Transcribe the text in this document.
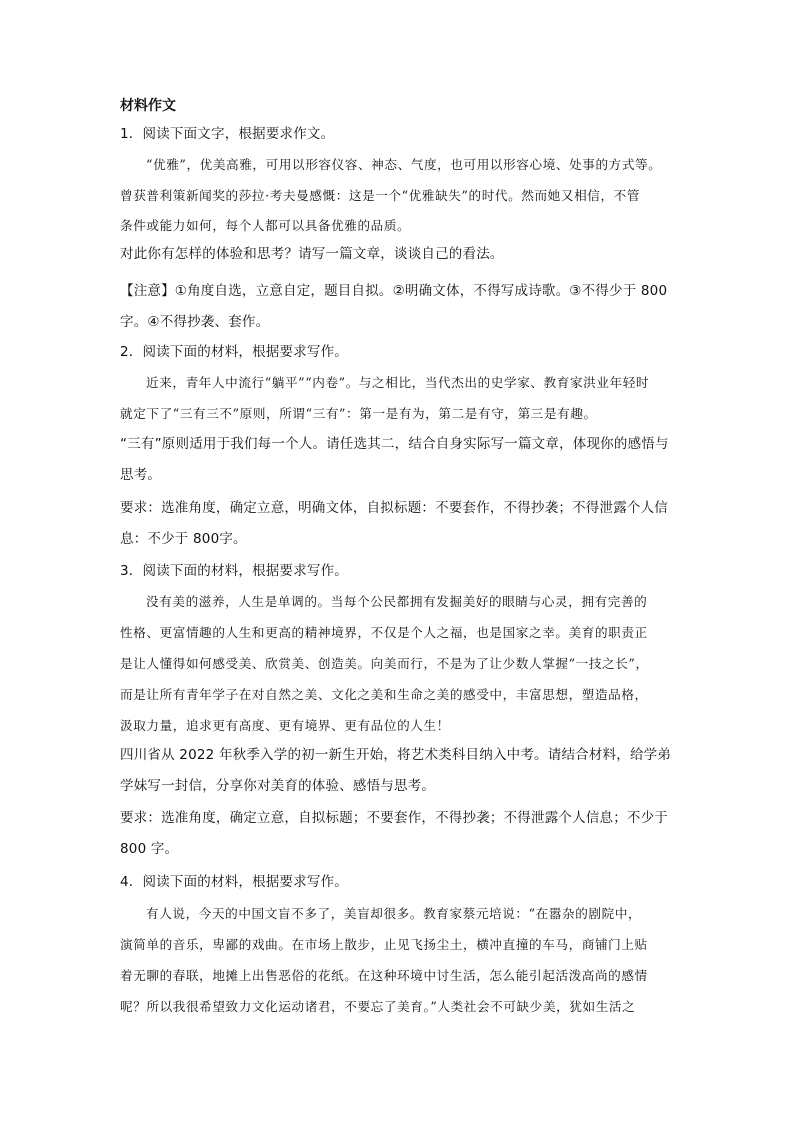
材料作文
1．阅读下面文字，根据要求作文。
“优雅”，优美高雅，可用以形容仪容、神态、气度，也可用以形容心境、处事的方式等。
曾获普利策新闻奖的莎拉·考夫曼感慨：这是一个“优雅缺失”的时代。然而她又相信，不管
条件或能力如何，每个人都可以具备优雅的品质。
对此你有怎样的体验和思考？请写一篇文章，谈谈自己的看法。
【注意】①角度自选，立意自定，题目自拟。②明确文体，不得写成诗歌。③不得少于 800
字。④不得抄袭、套作。
2．阅读下面的材料，根据要求写作。
近来，青年人中流行“躺平”“内卷”。与之相比，当代杰出的史学家、教育家洪业年轻时
就定下了“三有三不”原则，所谓“三有”：第一是有为，第二是有守，第三是有趣。
“三有”原则适用于我们每一个人。请任选其二，结合自身实际写一篇文章，体现你的感悟与
思考。
要求：选准角度，确定立意，明确文体，自拟标题：不要套作，不得抄袭；不得泄露个人信
息：不少于 800字。
3．阅读下面的材料，根据要求写作。
没有美的滋养，人生是单调的。当每个公民都拥有发掘美好的眼睛与心灵，拥有完善的
性格、更富情趣的人生和更高的精神境界，不仅是个人之福，也是国家之幸。美育的职责正
是让人懂得如何感受美、欣赏美、创造美。向美而行，不是为了让少数人掌握“一技之长”，
而是让所有青年学子在对自然之美、文化之美和生命之美的感受中，丰富思想，塑造品格，
汲取力量，追求更有高度、更有境界、更有品位的人生！
四川省从 2022 年秋季入学的初一新生开始，将艺术类科目纳入中考。请结合材料，给学弟
学妹写一封信，分享你对美育的体验、感悟与思考。
要求：选准角度，确定立意，自拟标题；不要套作，不得抄袭；不得泄露个人信息；不少于
800 字。
4．阅读下面的材料，根据要求写作。
有人说，今天的中国文盲不多了，美盲却很多。教育家蔡元培说：“在嚣杂的剧院中，
演简单的音乐，卑鄙的戏曲。在市场上散步，止见飞扬尘土，横冲直撞的车马，商铺门上贴
着无聊的春联，地摊上出售恶俗的花纸。在这种环境中讨生活，怎么能引起活泼高尚的感情
呢？所以我很希望致力文化运动诸君，不要忘了美育。”人类社会不可缺少美，犹如生活之
